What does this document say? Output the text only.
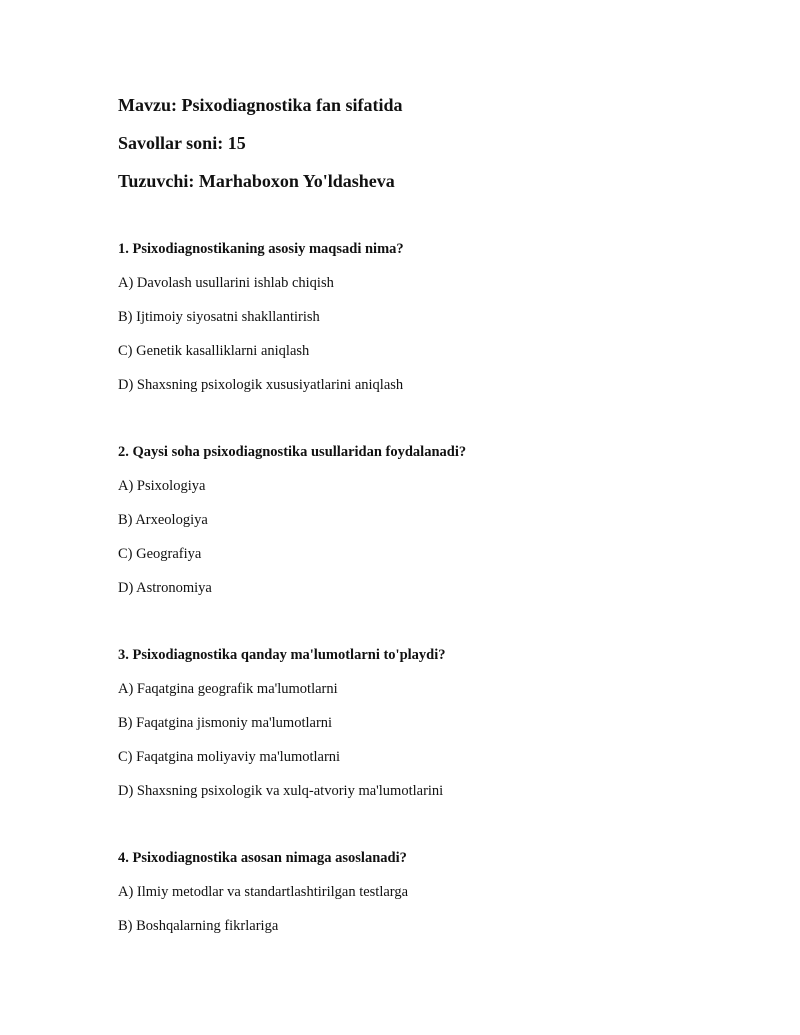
Mavzu: Psixodiagnostika fan sifatida
Savollar soni: 15
Tuzuvchi: Marhaboxon Yo'ldasheva
1. Psixodiagnostikaning asosiy maqsadi nima?
A) Davolash usullarini ishlab chiqish
B) Ijtimoiy siyosatni shakllantirish
C) Genetik kasalliklarni aniqlash
D) Shaxsning psixologik xususiyatlarini aniqlash
2. Qaysi soha psixodiagnostika usullaridan foydalanadi?
A) Psixologiya
B) Arxeologiya
C) Geografiya
D) Astronomiya
3. Psixodiagnostika qanday ma'lumotlarni to'playdi?
A) Faqatgina geografik ma'lumotlarni
B) Faqatgina jismoniy ma'lumotlarni
C) Faqatgina moliyaviy ma'lumotlarni
D) Shaxsning psixologik va xulq-atvoriy ma'lumotlarini
4. Psixodiagnostika asosan nimaga asoslanadi?
A) Ilmiy metodlar va standartlashtirilgan testlarga
B) Boshqalarning fikrlariga
